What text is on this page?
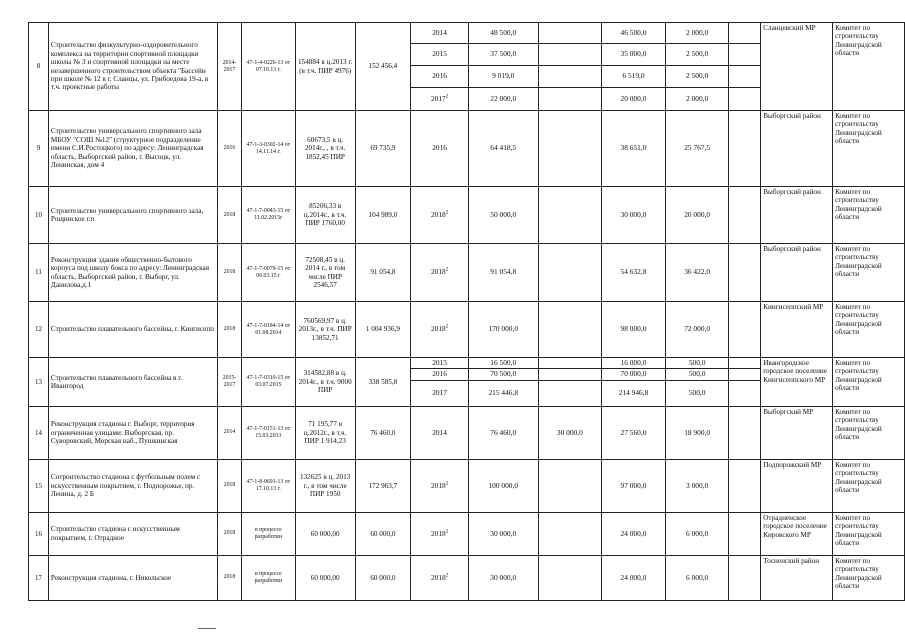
8	Строительство физкультурно-оздоровительного комплекса на территории спортивной площадки школы № 3 и спортивной площадки на месте незавершенного строительством объекта "Бассейн при школе № 12 в г. Сланцы, ул. Грибоедова 19-а, в т.ч. проектные работы	2014-2017	47-1-4-0226-13 от 07.10.13 г.	154884 в ц.2013 г.(в т.ч. ПИР 4976)	152 456,4	2014	48 500,0		46 500,0	2 000,0		Сланцевский МР	Комитет по строительству Ленинградской области
						2015	37 500,0		35 000,0	2 500,0			
						2016	9 019,0		6 519,0	2 500,0			
						2017$^2$	22 000,0		20 000,0	2 000,0			
9	Строительство универсального спортивного зала МБОУ "СОШ №12" (структурное подразделение имени С.И.Ростоцкого) по адресу: Ленинградская область, Выборгский район, г. Высоцк, ул. Ленинская, дом 4	2016	47-1-3-0302-14 от 14.11.14 г.	60673,5 в ц. 2014г., , в т.ч. 1852,45 ПИР	69 735,9	2016	64 418,5		38 651,0	25 767,5		Выборгский район	Комитет по строительству Ленинградской области
10	Строительство универсального спортивного зала, Рощинское г.п	2018	47-1-7-0043-15 от 11.02.2015г	85206,33 в ц.2014г., в т.ч. ПИР 1760,00	104 989,0	2018$^2$	50 000,0		30 000,0	20 000,0		Выборгский район	Комитет по строительству Ленинградской области
11	Реконструкция здания общественно-бытового корпуса под школу бокса по адресу: Ленинградская область, Выборгский район, г. Выборг, ул. Данилова,д.1	2018	47-1-7-0079-15 от 06.03.15 г	72508,45 в ц. 2014 г., в том числе ПИР 2546,57	91 054,8	2018$^2$	91 054,8		54 632,8	36 422,0		Выборгский район	Комитет по строительству Ленинградской области
12	Строительство плавательного бассейна, г. Кингисепп	2018	47-1-7-0184-14 от 01.08.2014	760569,97 в ц. 2013г., в т.ч. ПИР 13852,71	1 004 936,9	2018$^2$	170 000,0		98 000,0	72 000,0		Кингисеппский МР	Комитет по строительству Ленинградской области
13	Строительство плавательного бассейна в г. Ивангород	2015-2017	47-1-7-0310-15 от 03.07.2015	314582,88 в ц. 2014г., в т.ч. 9000 ПИР	338 585,8	2015	16 500,0		16 000,0	500,0		Ивангородское городское поселение Кингисеппского МР	Комитет по строительству Ленинградской области
						2016	70 500,0		70 000,0	500,0			
						2017	215 446,8		214 946,8	500,0			
14	Реконструкция стадиона г. Выборг, территория ограниченная улицами: Выборгская, пр. Суворовский, Морская наб., Пушкинская	2014	47-1-7-0151-13 от 15.03.2013	71 195,77 в ц.2012г., в т.ч. ПИР 1 914,23	76 460,0	2014	76 460,0	30 000,0	27 560,0	18 900,0		Выборгский МР	Комитет по строительству Ленинградской области
15	Сотроительство стадиона с футбольным полем с искусственным покрытием, г. Подпорожье, пр. Ленина, д. 2 Б	2018	47-1-8-0691-13 от 17.10.13 г.	132625 в ц. 2013 г., в том числе ПИР 1950	172 963,7	2018$^2$	100 000,0		97 000,0	3 000,0		Подпорожский МР	Комитет по строительству Ленинградской области
16	Строительство стадиона с искусственным покрытием, г. Отрадное	2018	в процессе разработки	60 000,00	60 000,0	2018$^2$	30 000,0		24 000,0	6 000,0		Отрадненское городское поселение Кировского МР	Комитет по строительству Ленинградской области
17	Реконструкция стадиона, г. Никольское	2018	в процессе разработки	60 000,00	60 000,0	2018$^2$	30 000,0		24 000,0	6 000,0		Тосненский район	Комитет по строительству Ленинградской области
